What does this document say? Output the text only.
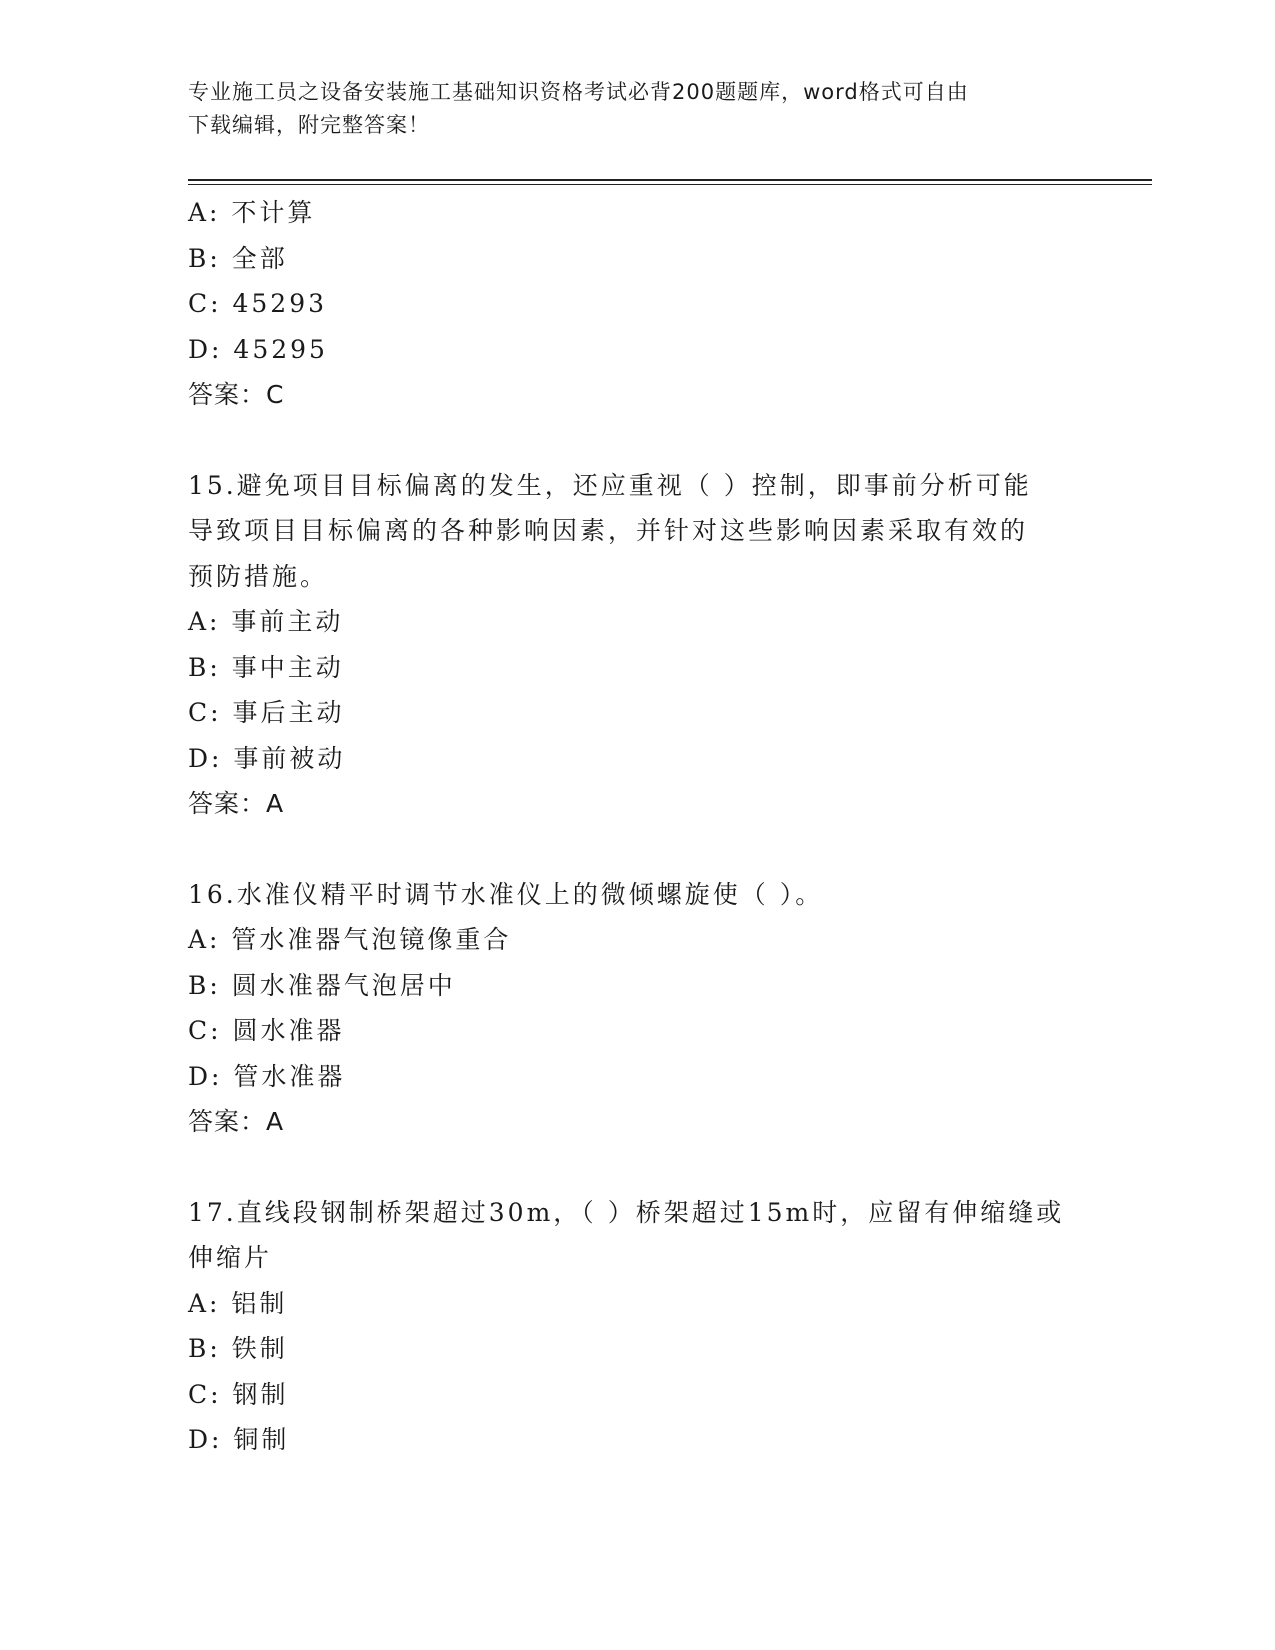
专业施工员之设备安装施工基础知识资格考试必背200题题库，word格式可自由
下载编辑，附完整答案！
A: 不计算
B: 全部
C: 45293
D: 45295
答案：C
15.避免项目目标偏离的发生，还应重视（ ）控制，即事前分析可能
导致项目目标偏离的各种影响因素，并针对这些影响因素采取有效的
预防措施。
A: 事前主动
B: 事中主动
C: 事后主动
D: 事前被动
答案：A
16.水准仪精平时调节水准仪上的微倾螺旋使（ ）。
A: 管水准器气泡镜像重合
B: 圆水准器气泡居中
C: 圆水准器
D: 管水准器
答案：A
17.直线段钢制桥架超过30m，（ ）桥架超过15m时，应留有伸缩缝或
伸缩片
A: 铝制
B: 铁制
C: 钢制
D: 铜制
